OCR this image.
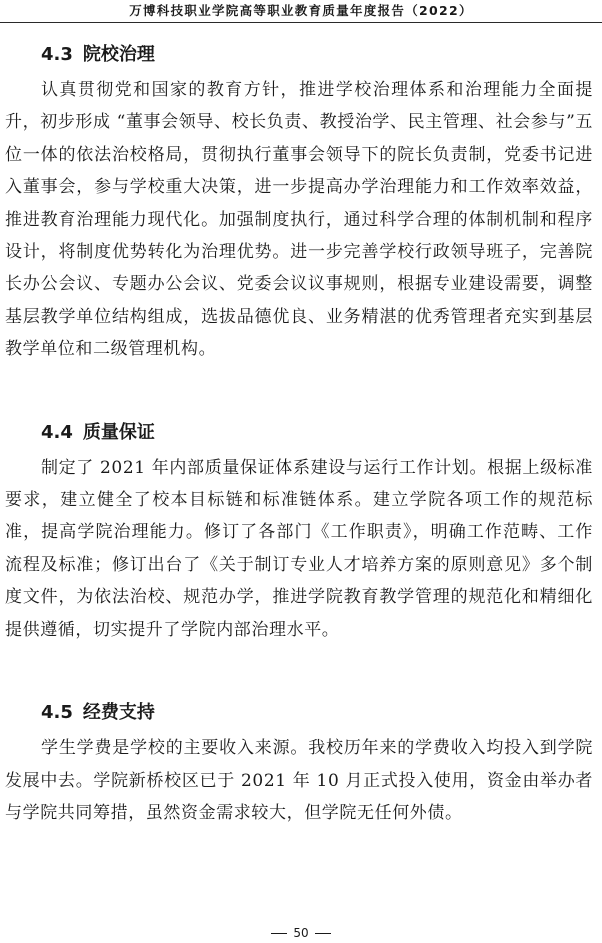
万博科技职业学院高等职业教育质量年度报告（2022）
4.3 院校治理

认真贯彻党和国家的教育方针，推进学校治理体系和治理能力全面提升，初步形成 “董事会领导、校长负责、教授治学、民主管理、社会参与”五位一体的依法治校格局，贯彻执行董事会领导下的院长负责制，党委书记进入董事会，参与学校重大决策，进一步提高办学治理能力和工作效率效益，推进教育治理能力现代化。加强制度执行，通过科学合理的体制机制和程序设计，将制度优势转化为治理优势。进一步完善学校行政领导班子，完善院长办公会议、专题办公会议、党委会议议事规则，根据专业建设需要，调整基层教学单位结构组成，选拔品德优良、业务精湛的优秀管理者充实到基层教学单位和二级管理机构。

4.4 质量保证

制定了 2021 年内部质量保证体系建设与运行工作计划。根据上级标准要求，建立健全了校本目标链和标准链体系。建立学院各项工作的规范标准，提高学院治理能力。修订了各部门《工作职责》，明确工作范畴、工作流程及标准；修订出台了《关于制订专业人才培养方案的原则意见》多个制度文件，为依法治校、规范办学，推进学院教育教学管理的规范化和精细化提供遵循，切实提升了学院内部治理水平。

4.5 经费支持

学生学费是学校的主要收入来源。我校历年来的学费收入均投入到学院发展中去。学院新桥校区已于 2021 年 10 月正式投入使用，资金由举办者与学院共同筹措，虽然资金需求较大，但学院无任何外债。

50
